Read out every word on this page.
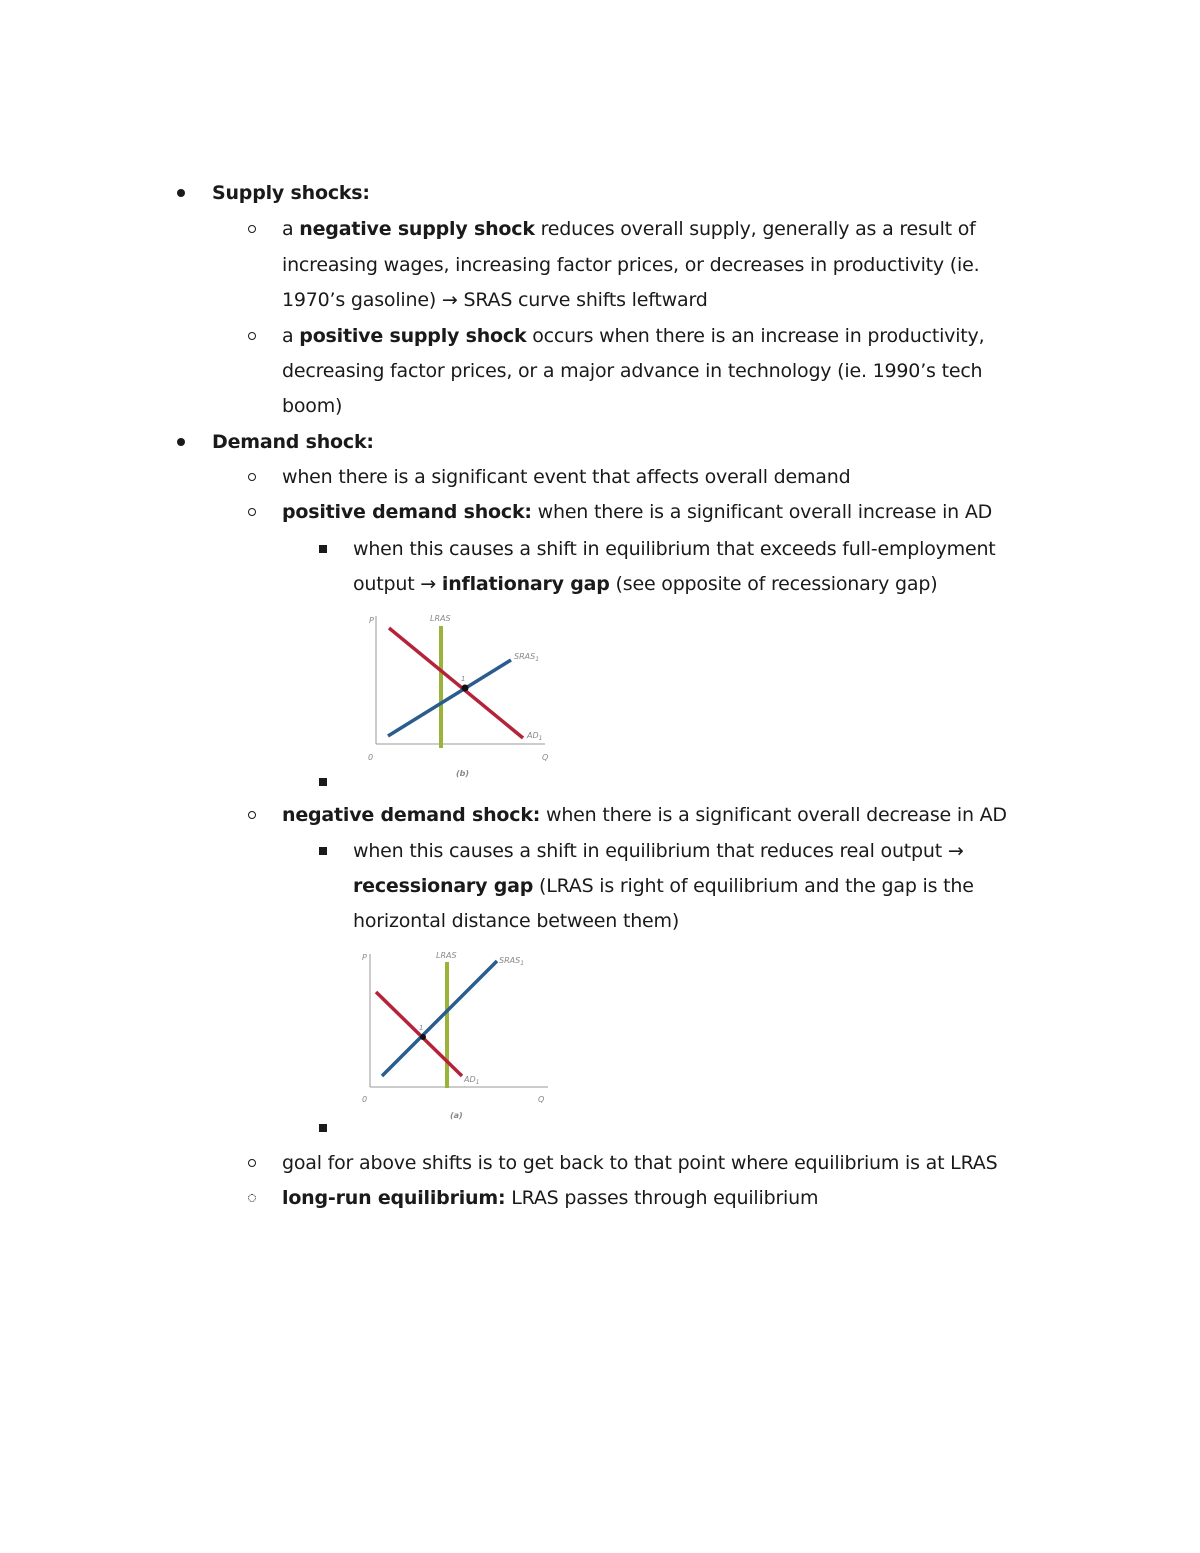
Supply shocks:
a negative supply shock reduces overall supply, generally as a result of
increasing wages, increasing factor prices, or decreases in productivity (ie.
1970’s gasoline) → SRAS curve shifts leftward
a positive supply shock occurs when there is an increase in productivity,
decreasing factor prices, or a major advance in technology (ie. 1990’s tech
boom)
Demand shock:
when there is a significant event that affects overall demand
positive demand shock: when there is a significant overall increase in AD
when this causes a shift in equilibrium that exceeds full-employment
output → inflationary gap (see opposite of recessionary gap)
P
0	Q
LRAS
1
$SRAS_1$
$AD_1$
(b)
negative demand shock: when there is a significant overall decrease in AD
when this causes a shift in equilibrium that reduces real output →
recessionary gap (LRAS is right of equilibrium and the gap is the
horizontal distance between them)
P
0	Q
LRAS
1
$SRAS_1$
$AD_1$
(a)
goal for above shifts is to get back to that point where equilibrium is at LRAS
long-run equilibrium: LRAS passes through equilibrium
